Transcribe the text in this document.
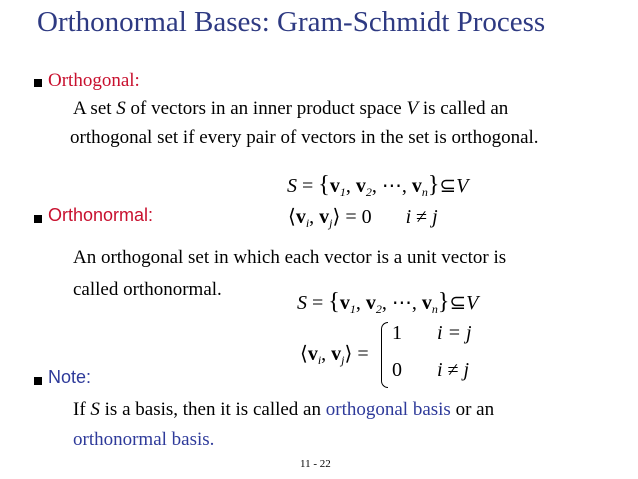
Orthonormal Bases: Gram-Schmidt Process
Orthogonal:
A set S of vectors in an inner product space V is called an
orthogonal set if every pair of vectors in the set is orthogonal.
$S = \{v_1$, $v_2$, ⋯, $v_n\}⊆V$
Orthonormal:	$⟨v_i$, $v_j⟩ = 0$ i ≠ j
An orthogonal set in which each vector is a unit vector is
called orthonormal.
$S = \{v_1$, $v_2$, ⋯, $v_n\}⊆V$
$⟨v_i$, $v_j⟩$ =
1 i = j
0 i ≠ j
Note:
If S is a basis, then it is called an orthogonal basis or an
orthonormal basis.
11 - 22
